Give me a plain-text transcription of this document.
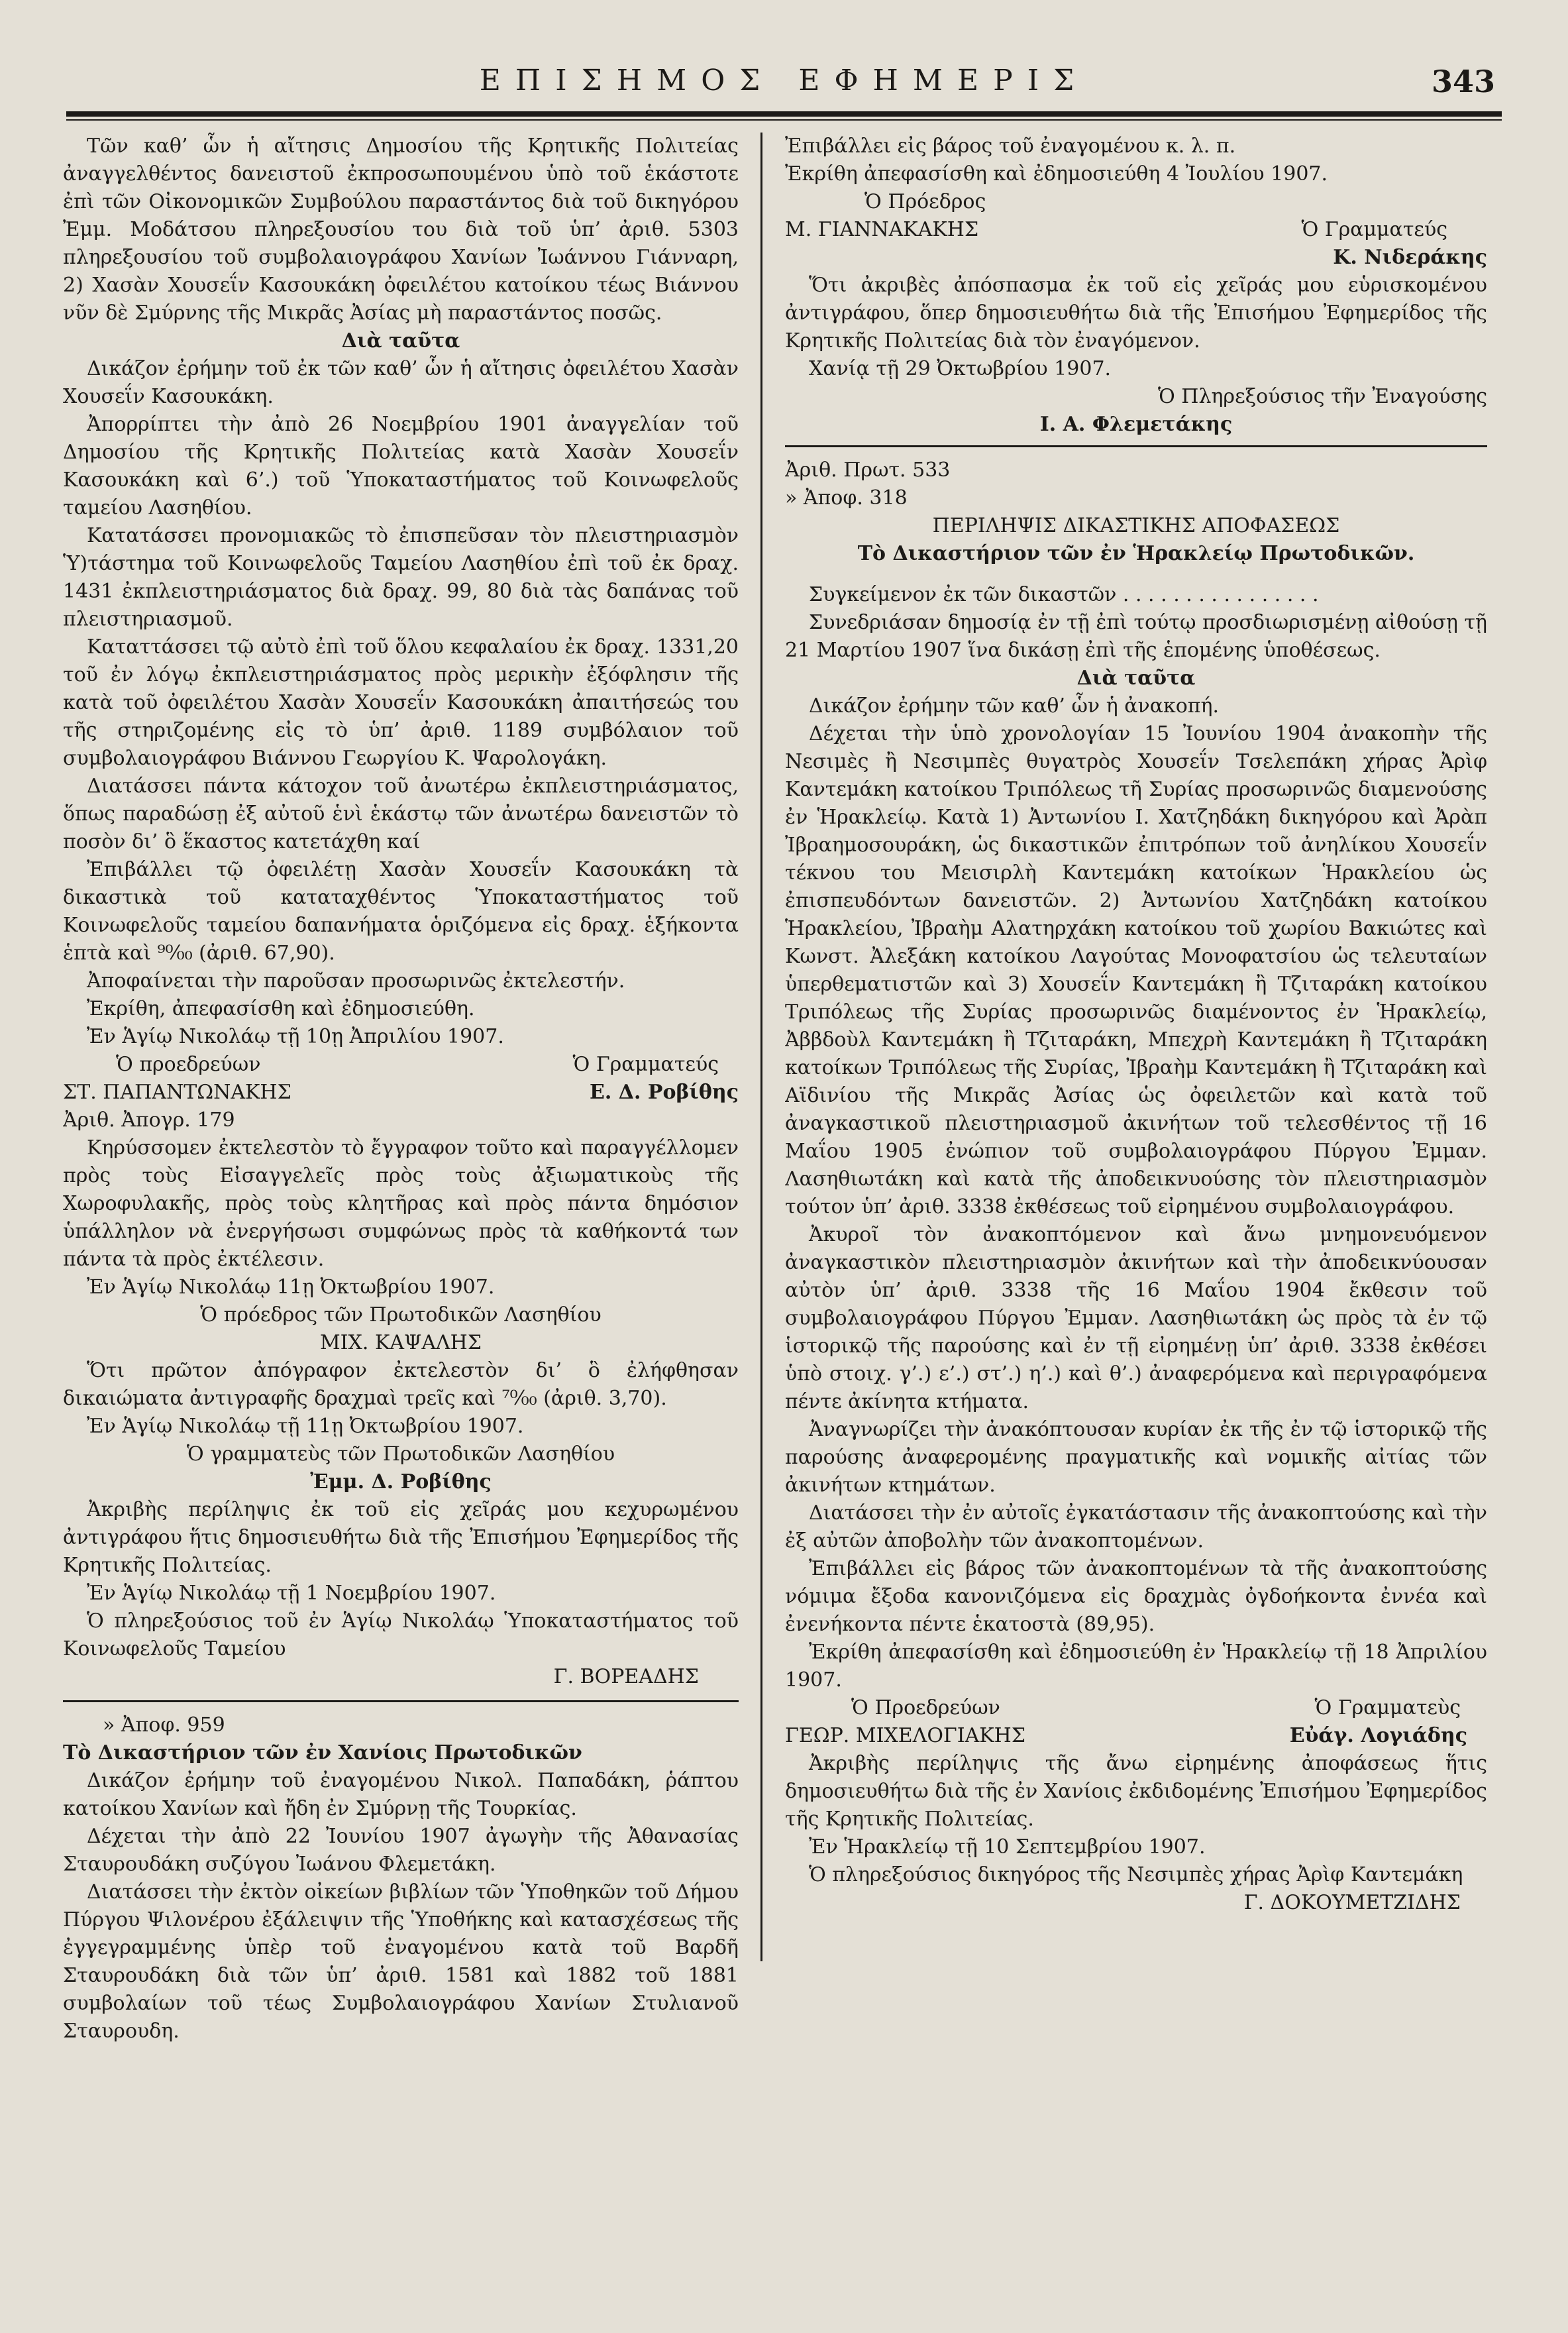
ΕΠΙΣΗΜΟΣ ΕΦΗΜΕΡΙΣ	343

Τῶν καθ’ ὧν ἡ αἴτησις Δημοσίου τῆς Κρητικῆς Πολιτείας ἀναγγελθέντος δανειστοῦ ἐκπροσωπουμένου ὑπὸ τοῦ ἑκάστοτε ἐπὶ τῶν Οἰκονομικῶν Συμβούλου παραστάντος διὰ τοῦ δικηγόρου Ἐμμ. Μοδάτσου πληρεξουσίου του διὰ τοῦ ὑπ’ ἀριθ. 5303 πληρεξουσίου τοῦ συμβολαιογράφου Χανίων Ἰωάννου Γιάνναρη, 2) Χασὰν Χουσεΐν Κασουκάκη ὀφειλέτου κατοίκου τέως Βιάννου νῦν δὲ Σμύρνης τῆς Μικρᾶς Ἀσίας μὴ παραστάντος ποσῶς.

Διὰ ταῦτα

Δικάζον ἐρήμην τοῦ ἐκ τῶν καθ’ ὧν ἡ αἴτησις ὀφειλέτου Χασὰν Χουσεΐν Κασουκάκη.

Ἀπορρίπτει τὴν ἀπὸ 26 Νοεμβρίου 1901 ἀναγγελίαν τοῦ Δημοσίου τῆς Κρητικῆς Πολιτείας κατὰ Χασὰν Χουσεΐν Κασουκάκη καὶ 6’.) τοῦ Ὑποκαταστήματος τοῦ Κοινωφελοῦς ταμείου Λασηθίου.

Κατατάσσει προνομιακῶς τὸ ἐπισπεῦσαν τὸν πλειστηριασμὸν Ὑ)τάστημα τοῦ Κοινωφελοῦς Ταμείου Λασηθίου ἐπὶ τοῦ ἐκ δραχ. 1431 ἐκπλειστηριάσματος διὰ δραχ. 99, 80 διὰ τὰς δαπάνας τοῦ πλειστηριασμοῦ.

Καταττάσσει τῷ αὐτὸ ἐπὶ τοῦ ὅλου κεφαλαίου ἐκ δραχ. 1331,20 τοῦ ἐν λόγῳ ἐκπλειστηριάσματος πρὸς μερικὴν ἐξόφλησιν τῆς κατὰ τοῦ ὀφειλέτου Χασὰν Χουσεΐν Κασουκάκη ἀπαιτήσεώς του τῆς στηριζομένης εἰς τὸ ὑπ’ ἀριθ. 1189 συμβόλαιον τοῦ συμβολαιογράφου Βιάννου Γεωργίου Κ. Ψαρολογάκη.

Διατάσσει πάντα κάτοχον τοῦ ἀνωτέρω ἐκπλειστηριάσματος, ὅπως παραδώσῃ ἐξ αὐτοῦ ἑνὶ ἑκάστῳ τῶν ἀνωτέρω δανειστῶν τὸ ποσὸν δι’ ὃ ἕκαστος κατετάχθη καί

Ἐπιβάλλει τῷ ὀφειλέτῃ Χασὰν Χουσεΐν Κασουκάκη τὰ δικαστικὰ τοῦ καταταχθέντος Ὑποκαταστήματος τοῦ Κοινωφελοῦς ταμείου δαπανήματα ὁριζόμενα εἰς δραχ. ἑξήκοντα ἑπτὰ καὶ ⁹⁰⁄₀₀ (ἀριθ. 67,90).

Ἀποφαίνεται τὴν παροῦσαν προσωρινῶς ἐκτελεστήν.

Ἐκρίθη, ἀπεφασίσθη καὶ ἐδημοσιεύθη.

Ἐν Ἁγίῳ Νικολάῳ τῇ 10ῃ Ἀπριλίου 1907.

Ὁ προεδρεύων	Ὁ Γραμματεύς
ΣΤ. ΠΑΠΑΝΤΩΝΑΚΗΣ	Ε. Δ. Ροβίθης

Ἀριθ. Ἀπογρ. 179

Κηρύσσομεν ἐκτελεστὸν τὸ ἔγγραφον τοῦτο καὶ παραγγέλλομεν πρὸς τοὺς Εἰσαγγελεῖς πρὸς τοὺς ἀξιωματικοὺς τῆς Χωροφυλακῆς, πρὸς τοὺς κλητῆρας καὶ πρὸς πάντα δημόσιον ὑπάλληλον νὰ ἐνεργήσωσι συμφώνως πρὸς τὰ καθήκοντά των πάντα τὰ πρὸς ἐκτέλεσιν.

Ἐν Ἁγίῳ Νικολάῳ 11ῃ Ὀκτωβρίου 1907.

Ὁ πρόεδρος τῶν Πρωτοδικῶν Λασηθίου

ΜΙΧ. ΚΑΨΑΛΗΣ

Ὅτι πρῶτον ἀπόγραφον ἐκτελεστὸν δι’ ὃ ἐλήφθησαν δικαιώματα ἀντιγραφῆς δραχμαὶ τρεῖς καὶ ⁷⁰⁄₀₀ (ἀριθ. 3,70).

Ἐν Ἁγίῳ Νικολάῳ τῇ 11ῃ Ὀκτωβρίου 1907.

Ὁ γραμματεὺς τῶν Πρωτοδικῶν Λασηθίου

Ἐμμ. Δ. Ροβίθης

Ἀκριβὴς περίληψις ἐκ τοῦ εἰς χεῖράς μου κεχυρωμένου ἀντιγράφου ἥτις δημοσιευθήτω διὰ τῆς Ἐπισήμου Ἐφημερίδος τῆς Κρητικῆς Πολιτείας.

Ἐν Ἁγίῳ Νικολάῳ τῇ 1 Νοεμβρίου 1907.

Ὁ πληρεξούσιος τοῦ ἐν Ἁγίῳ Νικολάῳ Ὑποκαταστήματος τοῦ Κοινωφελοῦς Ταμείου

Γ. ΒΟΡΕΑΔΗΣ

» Ἀποφ. 959

Τὸ Δικαστήριον τῶν ἐν Χανίοις Πρωτοδικῶν

Δικάζον ἐρήμην τοῦ ἐναγομένου Νικολ. Παπαδάκη, ῥάπτου κατοίκου Χανίων καὶ ἤδη ἐν Σμύρνῃ τῆς Τουρκίας.

Δέχεται τὴν ἀπὸ 22 Ἰουνίου 1907 ἀγωγὴν τῆς Ἀθανασίας Σταυρουδάκη συζύγου Ἰωάνου Φλεμετάκη.

Διατάσσει τὴν ἐκτὸν οἰκείων βιβλίων τῶν Ὑποθηκῶν τοῦ Δήμου Πύργου Ψιλονέρου ἐξάλειψιν τῆς Ὑποθήκης καὶ κατασχέσεως τῆς ἐγγεγραμμένης ὑπὲρ τοῦ ἐναγομένου κατὰ τοῦ Βαρδῆ Σταυρουδάκη διὰ τῶν ὑπ’ ἀριθ. 1581 καὶ 1882 τοῦ 1881 συμβολαίων τοῦ τέως Συμβολαιογράφου Χανίων Στυλιανοῦ Σταυρουδη.

Ἐπιβάλλει εἰς βάρος τοῦ ἐναγομένου κ. λ. π.

Ἐκρίθη ἀπεφασίσθη καὶ ἐδημοσιεύθη 4 Ἰουλίου 1907.

Ὁ Πρόεδρος

Μ. ΓΙΑΝΝΑΚΑΚΗΣ	Ὁ Γραμματεύς

Κ. Νιδεράκης

Ὅτι ἀκριβὲς ἀπόσπασμα ἐκ τοῦ εἰς χεῖράς μου εὑρισκομένου ἀντιγράφου, ὅπερ δημοσιευθήτω διὰ τῆς Ἐπισήμου Ἐφημερίδος τῆς Κρητικῆς Πολιτείας διὰ τὸν ἐναγόμενον.

Χανίᾳ τῇ 29 Ὀκτωβρίου 1907.

Ὁ Πληρεξούσιος τῆν Ἐναγούσης

Ι. Α. Φλεμετάκης

Ἀριθ. Πρωτ. 533

» Ἀποφ. 318

ΠΕΡΙΛΗΨΙΣ ΔΙΚΑΣΤΙΚΗΣ ΑΠΟΦΑΣΕΩΣ

Τὸ Δικαστήριον τῶν ἐν Ἡρακλείῳ Πρωτοδικῶν.

Συγκείμενον ἐκ τῶν δικαστῶν . . . . . . . . . . . . . . . .

Συνεδριάσαν δημοσίᾳ ἐν τῇ ἐπὶ τούτῳ προσδιωρισμένῃ αἰθούσῃ τῇ 21 Μαρτίου 1907 ἵνα δικάσῃ ἐπὶ τῆς ἑπομένης ὑποθέσεως.

Διὰ ταῦτα

Δικάζον ἐρήμην τῶν καθ’ ὧν ἡ ἀνακοπή.

Δέχεται τὴν ὑπὸ χρονολογίαν 15 Ἰουνίου 1904 ἀνακοπὴν τῆς Νεσιμὲς ἢ Νεσιμπὲς θυγατρὸς Χουσεΐν Τσελεπάκη χήρας Ἀρὶφ Καντεμάκη κατοίκου Τριπόλεως τῆ Συρίας προσωρινῶς διαμενούσης ἐν Ἡρακλείῳ. Κατὰ 1) Ἀντωνίου Ι. Χατζηδάκη δικηγόρου καὶ Ἀρὰπ Ἰβραημοσουράκη, ὡς δικαστικῶν ἐπιτρόπων τοῦ ἀνηλίκου Χουσεΐν τέκνου του Μεισιρλὴ Καντεμάκη κατοίκων Ἡρακλείου ὡς ἐπισπευδόντων δανειστῶν. 2) Ἀντωνίου Χατζηδάκη κατοίκου Ἡρακλείου, Ἰβραὴμ Αλατηρχάκη κατοίκου τοῦ χωρίου Βακιώτες καὶ Κωνστ. Ἀλεξάκη κατοίκου Λαγούτας Μονοφατσίου ὡς τελευταίων ὑπερθεματιστῶν καὶ 3) Χουσεΐν Καντεμάκη ἢ Τζιταράκη κατοίκου Τριπόλεως τῆς Συρίας προσωρινῶς διαμένοντος ἐν Ἡρακλείῳ, Ἀββδοὺλ Καντεμάκη ἢ Τζιταράκη, Μπεχρὴ Καντεμάκη ἢ Τζιταράκη κατοίκων Τριπόλεως τῆς Συρίας, Ἰβραὴμ Καντεμάκη ἢ Τζιταράκη καὶ Αϊδινίου τῆς Μικρᾶς Ἀσίας ὡς ὀφειλετῶν καὶ κατὰ τοῦ ἀναγκαστικοῦ πλειστηριασμοῦ ἀκινήτων τοῦ τελεσθέντος τῇ 16 Μαΐου 1905 ἐνώπιον τοῦ συμβολαιογράφου Πύργου Ἐμμαν. Λασηθιωτάκη καὶ κατὰ τῆς ἀποδεικνυούσης τὸν πλειστηριασμὸν τούτον ὑπ’ ἀριθ. 3338 ἐκθέσεως τοῦ εἰρημένου συμβολαιογράφου.

Ἀκυροῖ τὸν ἀνακοπτόμενον καὶ ἄνω μνημονευόμενον ἀναγκαστικὸν πλειστηριασμὸν ἀκινήτων καὶ τὴν ἀποδεικνύουσαν αὐτὸν ὑπ’ ἀριθ. 3338 τῆς 16 Μαΐου 1904 ἔκθεσιν τοῦ συμβολαιογράφου Πύργου Ἐμμαν. Λασηθιωτάκη ὡς πρὸς τὰ ἐν τῷ ἱστορικῷ τῆς παρούσης καὶ ἐν τῇ εἰρημένῃ ὑπ’ ἀριθ. 3338 ἐκθέσει ὑπὸ στοιχ. γ’.) ε’.) στ’.) η’.) καὶ θ’.) ἀναφερόμενα καὶ περιγραφόμενα πέντε ἀκίνητα κτήματα.

Ἀναγνωρίζει τὴν ἀνακόπτουσαν κυρίαν ἐκ τῆς ἐν τῷ ἱστορικῷ τῆς παρούσης ἀναφερομένης πραγματικῆς καὶ νομικῆς αἰτίας τῶν ἀκινήτων κτημάτων.

Διατάσσει τὴν ἐν αὐτοῖς ἐγκατάστασιν τῆς ἀνακοπτούσης καὶ τὴν ἐξ αὐτῶν ἀποβολὴν τῶν ἀνακοπτομένων.

Ἐπιβάλλει εἰς βάρος τῶν ἀνακοπτομένων τὰ τῆς ἀνακοπτούσης νόμιμα ἔξοδα κανονιζόμενα εἰς δραχμὰς ὀγδοήκοντα ἐννέα καὶ ἐνενήκοντα πέντε ἑκατοστὰ (89,95).

Ἐκρίθη ἀπεφασίσθη καὶ ἐδημοσιεύθη ἐν Ἡρακλείῳ τῇ 18 Ἀπριλίου 1907.

Ὁ Προεδρεύων	Ὁ Γραμματεὺς
ΓΕΩΡ. ΜΙΧΕΛΟΓΙΑΚΗΣ	Εὐάγ. Λογιάδης

Ἀκριβὴς περίληψις τῆς ἄνω εἰρημένης ἀποφάσεως ἥτις δημοσιευθήτω διὰ τῆς ἐν Χανίοις ἐκδιδομένης Ἐπισήμου Ἐφημερίδος τῆς Κρητικῆς Πολιτείας.

Ἐν Ἡρακλείῳ τῇ 10 Σεπτεμβρίου 1907.

Ὁ πληρεξούσιος δικηγόρος τῆς Νεσιμπὲς χήρας Ἀρὶφ Καντεμάκη

Γ. ΔΟΚΟΥΜΕΤΖΙΔΗΣ
